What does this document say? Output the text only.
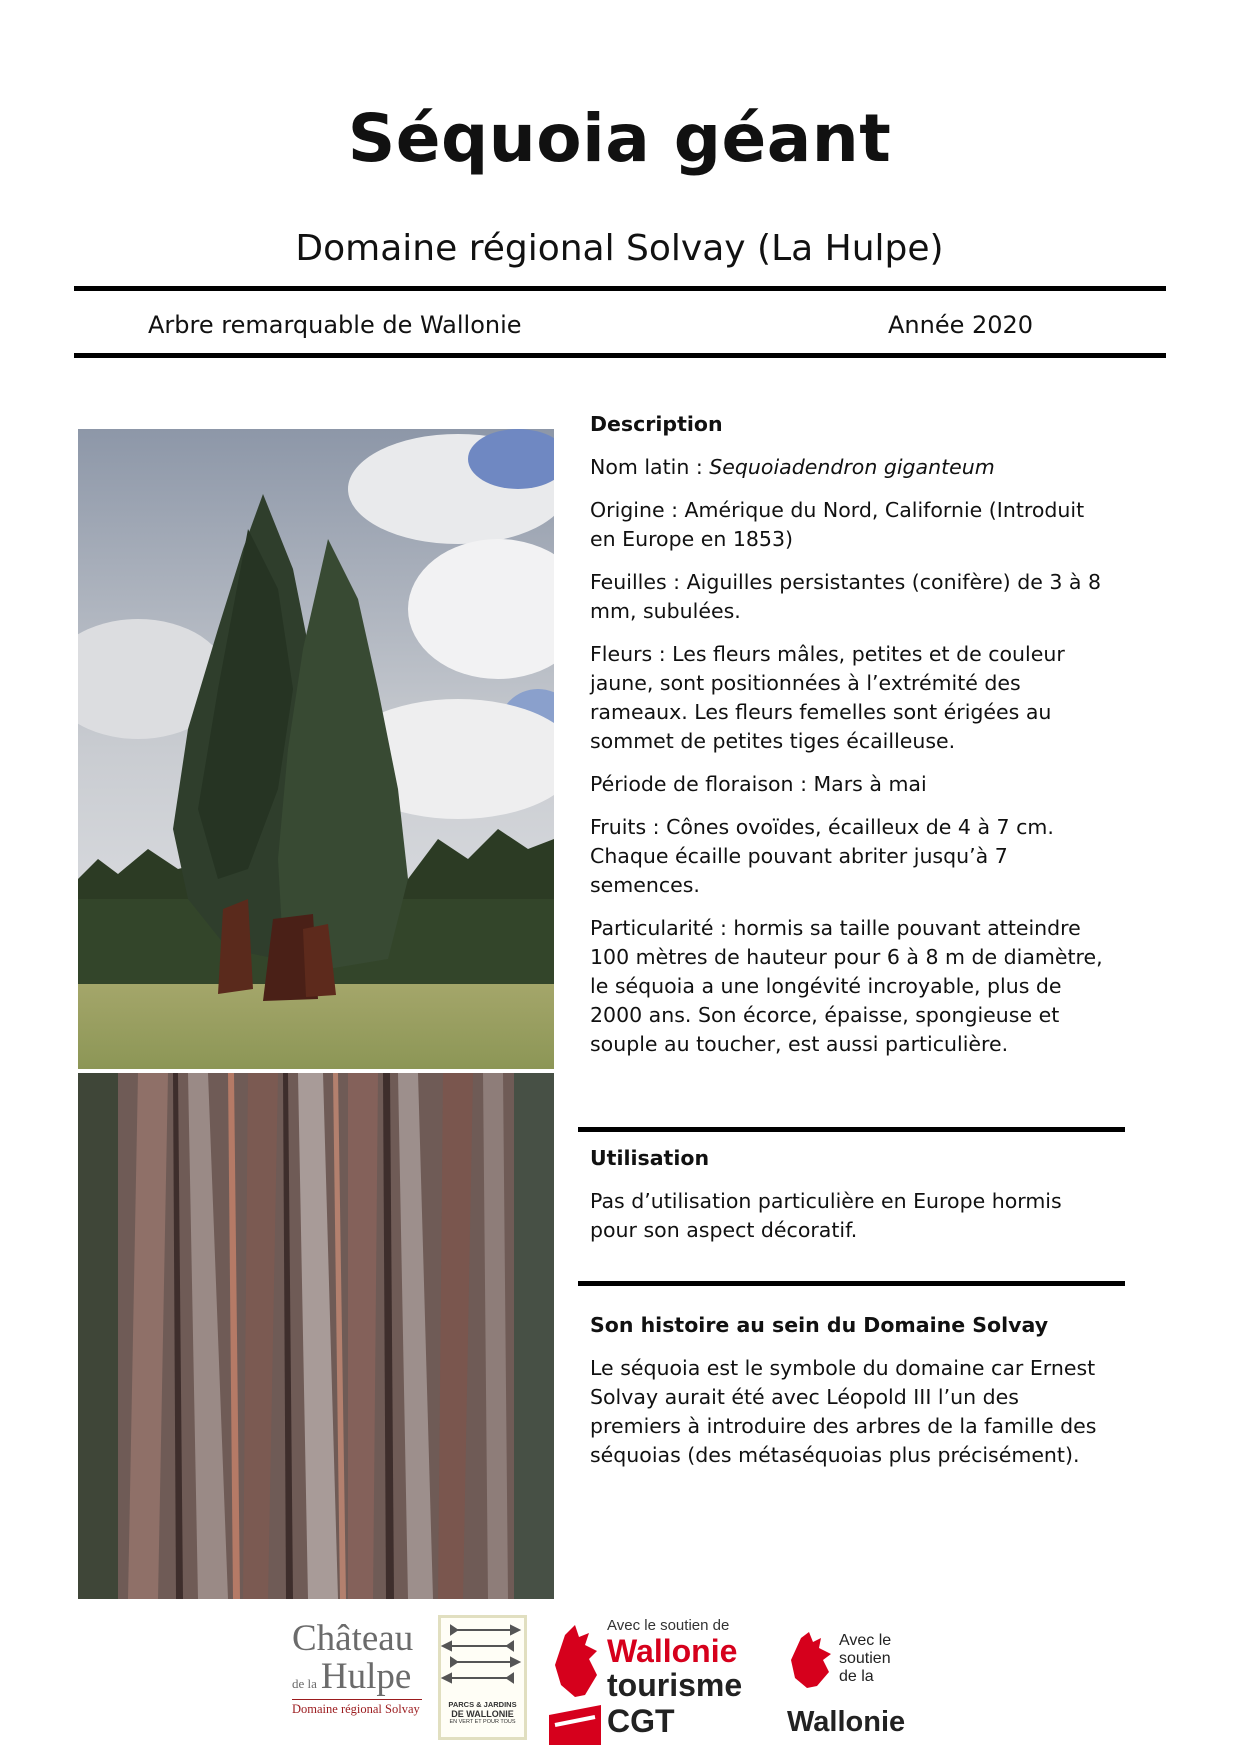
Séquoia géant
Domaine régional Solvay (La Hulpe)
Arbre remarquable de Wallonie	Année 2020
Description

Nom latin : Sequoiadendron giganteum

Origine : Amérique du Nord, Californie (Introduit en Europe en 1853)

Feuilles : Aiguilles persistantes (conifère) de 3 à 8 mm, subulées.

Fleurs : Les fleurs mâles, petites et de couleur jaune, sont positionnées à l’extrémité des rameaux. Les fleurs femelles sont érigées au sommet de petites tiges écailleuse.

Période de floraison : Mars à mai

Fruits : Cônes ovoïdes, écailleux de 4 à 7 cm. Chaque écaille pouvant abriter jusqu’à 7 semences.

Particularité : hormis sa taille pouvant atteindre 100 mètres de hauteur pour 6 à 8 m de diamètre, le séquoia a une longévité incroyable, plus de 2000 ans. Son écorce, épaisse, spongieuse et souple au toucher, est aussi particulière.

Utilisation

Pas d’utilisation particulière en Europe hormis pour son aspect décoratif.

Son histoire au sein du Domaine Solvay

Le séquoia est le symbole du domaine car Ernest Solvay aurait été avec Léopold III l’un des premiers à introduire des arbres de la famille des séquoias (des métaséquoias plus précisément).

Château
de la Hulpe
Domaine régional Solvay	PARCS & JARDINS
DE WALLONIE
EN VERT ET POUR TOUS
Avec le soutien de
Wallonie
tourisme
CGT
Avec le
soutien
de la
Wallonie
